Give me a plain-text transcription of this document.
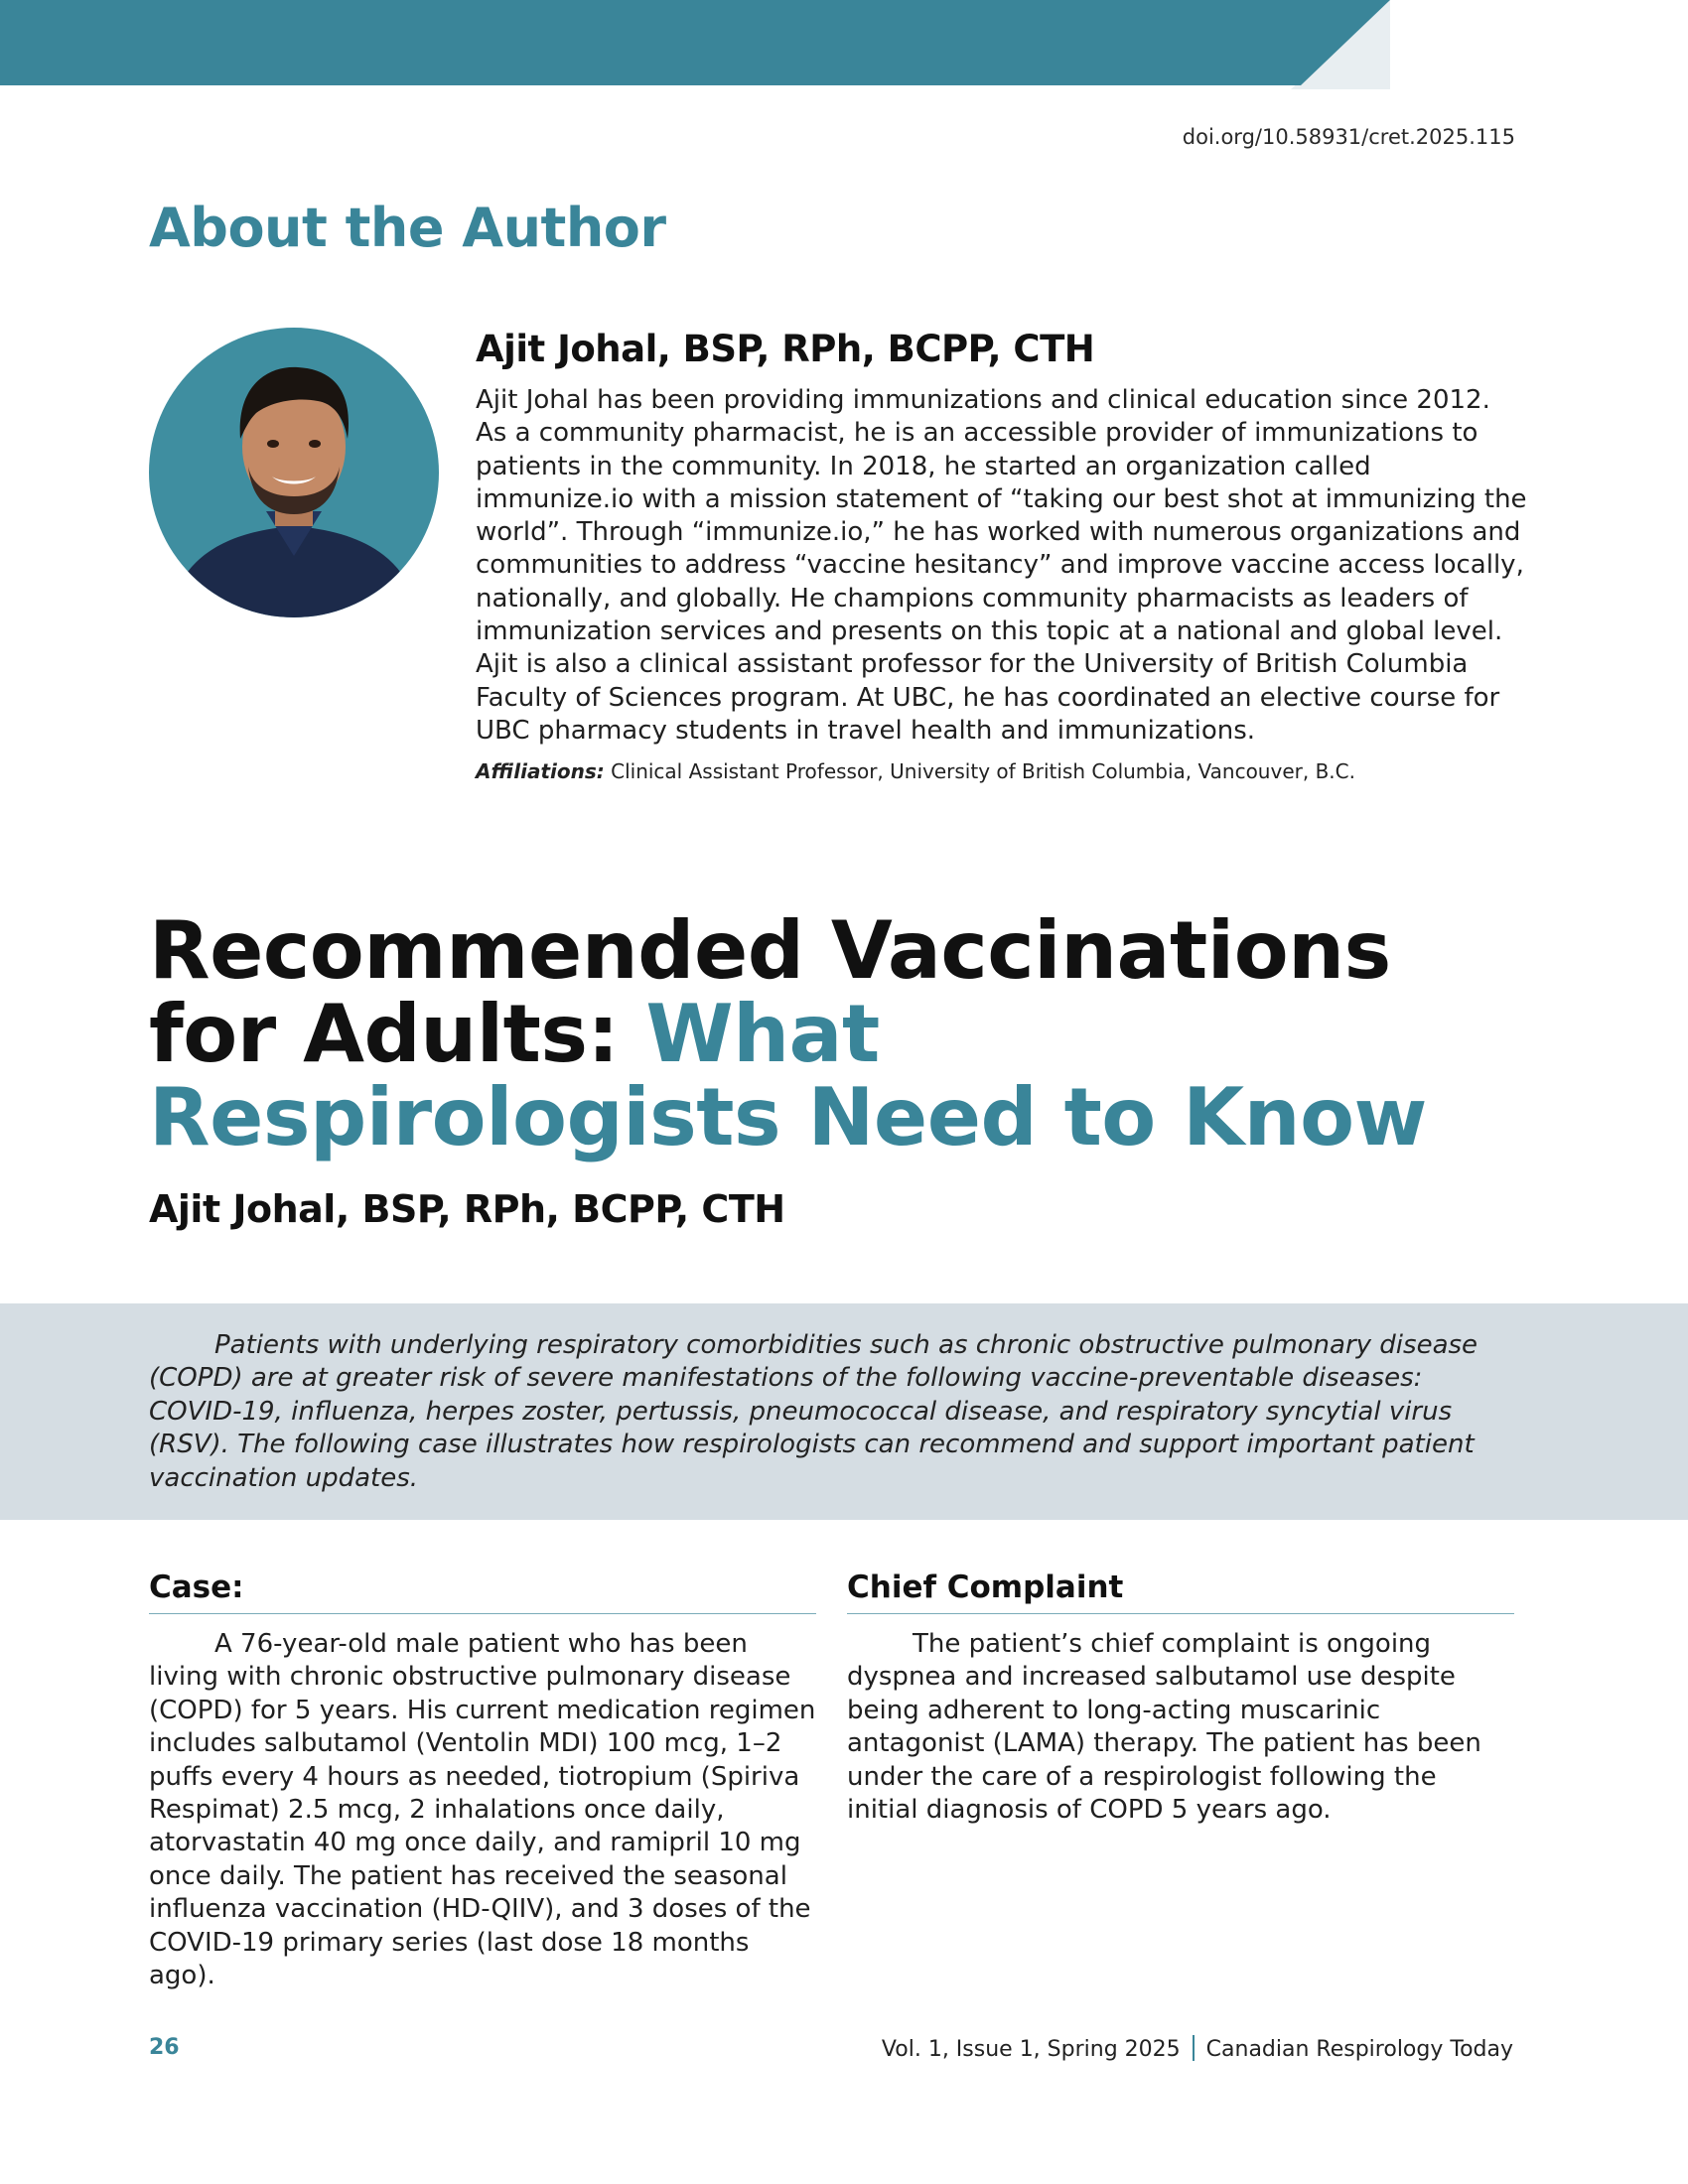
doi.org/10.58931/cret.2025.115
About the Author
Ajit Johal, BSP, RPh, BCPP, CTH

Ajit Johal has been providing immunizations and clinical education since 2012. As a community pharmacist, he is an accessible provider of immunizations to patients in the community. In 2018, he started an organization called immunize.io with a mission statement of “taking our best shot at immunizing the world”. Through “immunize.io,” he has worked with numerous organizations and communities to address “vaccine hesitancy” and improve vaccine access locally, nationally, and globally. He champions community pharmacists as leaders of immunization services and presents on this topic at a national and global level. Ajit is also a clinical assistant professor for the University of British Columbia Faculty of Sciences program. At UBC, he has coordinated an elective course for UBC pharmacy students in travel health and immunizations.

Affiliations: Clinical Assistant Professor, University of British Columbia, Vancouver, B.C.

Recommended Vaccinations for Adults: What Respirologists Need to Know
Ajit Johal, BSP, RPh, BCPP, CTH

Patients with underlying respiratory comorbidities such as chronic obstructive pulmonary disease (COPD) are at greater risk of severe manifestations of the following vaccine-preventable diseases: COVID-19, influenza, herpes zoster, pertussis, pneumococcal disease, and respiratory syncytial virus (RSV). The following case illustrates how respirologists can recommend and support important patient vaccination updates.

Case:

A 76-year-old male patient who has been living with chronic obstructive pulmonary disease (COPD) for 5 years. His current medication regimen includes salbutamol (Ventolin MDI) 100 mcg, 1–2 puffs every 4 hours as needed, tiotropium (Spiriva Respimat) 2.5 mcg, 2 inhalations once daily, atorvastatin 40 mg once daily, and ramipril 10 mg once daily. The patient has received the seasonal influenza vaccination (HD-QIIV), and 3 doses of the COVID-19 primary series (last dose 18 months ago).

Chief Complaint

The patient’s chief complaint is ongoing dyspnea and increased salbutamol use despite being adherent to long-acting muscarinic antagonist (LAMA) therapy. The patient has been under the care of a respirologist following the initial diagnosis of COPD 5 years ago.

26	Vol. 1, Issue 1, Spring 2025 Canadian Respirology Today
